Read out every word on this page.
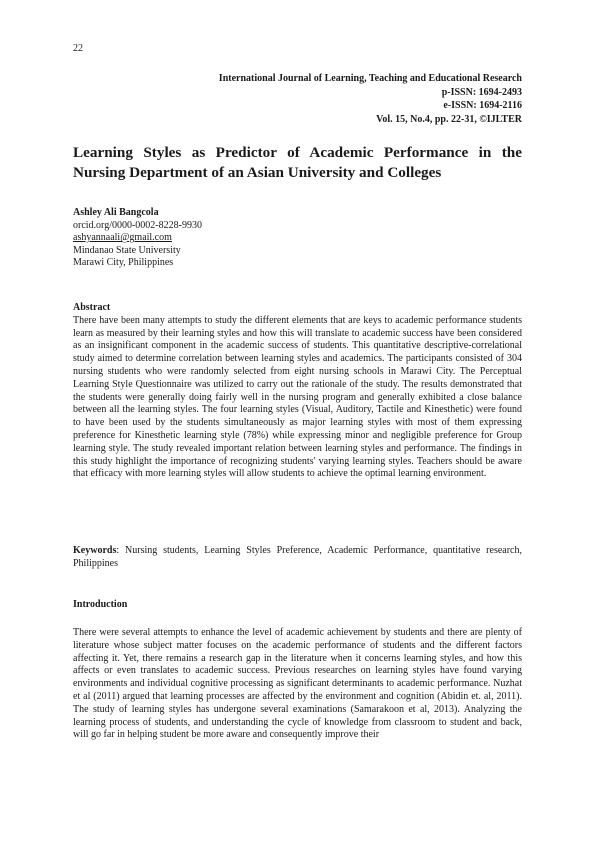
22
International Journal of Learning, Teaching and Educational Research
p-ISSN: 1694-2493
e-ISSN: 1694-2116
Vol. 15, No.4, pp. 22-31, ©IJLTER
Learning Styles as Predictor of Academic Performance in the Nursing Department of an Asian University and Colleges
Ashley Ali Bangcola
orcid.org/0000-0002-8228-9930
ashyannaali@gmail.com
Mindanao State University
Marawi City, Philippines
Abstract

There have been many attempts to study the different elements that are keys to academic performance students learn as measured by their learning styles and how this will translate to academic success have been considered as an insignificant component in the academic success of students. This quantitative descriptive-correlational study aimed to determine correlation between learning styles and academics. The participants consisted of 304 nursing students who were randomly selected from eight nursing schools in Marawi City. The Perceptual Learning Style Questionnaire was utilized to carry out the rationale of the study. The results demonstrated that the students were generally doing fairly well in the nursing program and generally exhibited a close balance between all the learning styles. The four learning styles (Visual, Auditory, Tactile and Kinesthetic) were found to have been used by the students simultaneously as major learning styles with most of them expressing preference for Kinesthetic learning style (78%) while expressing minor and negligible preference for Group learning style. The study revealed important relation between learning styles and performance. The findings in this study highlight the importance of recognizing students' varying learning styles. Teachers should be aware that efficacy with more learning styles will allow students to achieve the optimal learning environment.

Keywords: Nursing students, Learning Styles Preference, Academic Performance, quantitative research, Philippines
Introduction

There were several attempts to enhance the level of academic achievement by students and there are plenty of literature whose subject matter focuses on the academic performance of students and the different factors affecting it. Yet, there remains a research gap in the literature when it concerns learning styles, and how this affects or even translates to academic success. Previous researches on learning styles have found varying environments and individual cognitive processing as significant determinants to academic performance. Nuzhat et al (2011) argued that learning processes are affected by the environment and cognition (Abidin et. al, 2011). The study of learning styles has undergone several examinations (Samarakoon et al, 2013). Analyzing the learning process of students, and understanding the cycle of knowledge from classroom to student and back, will go far in helping student be more aware and consequently improve their
